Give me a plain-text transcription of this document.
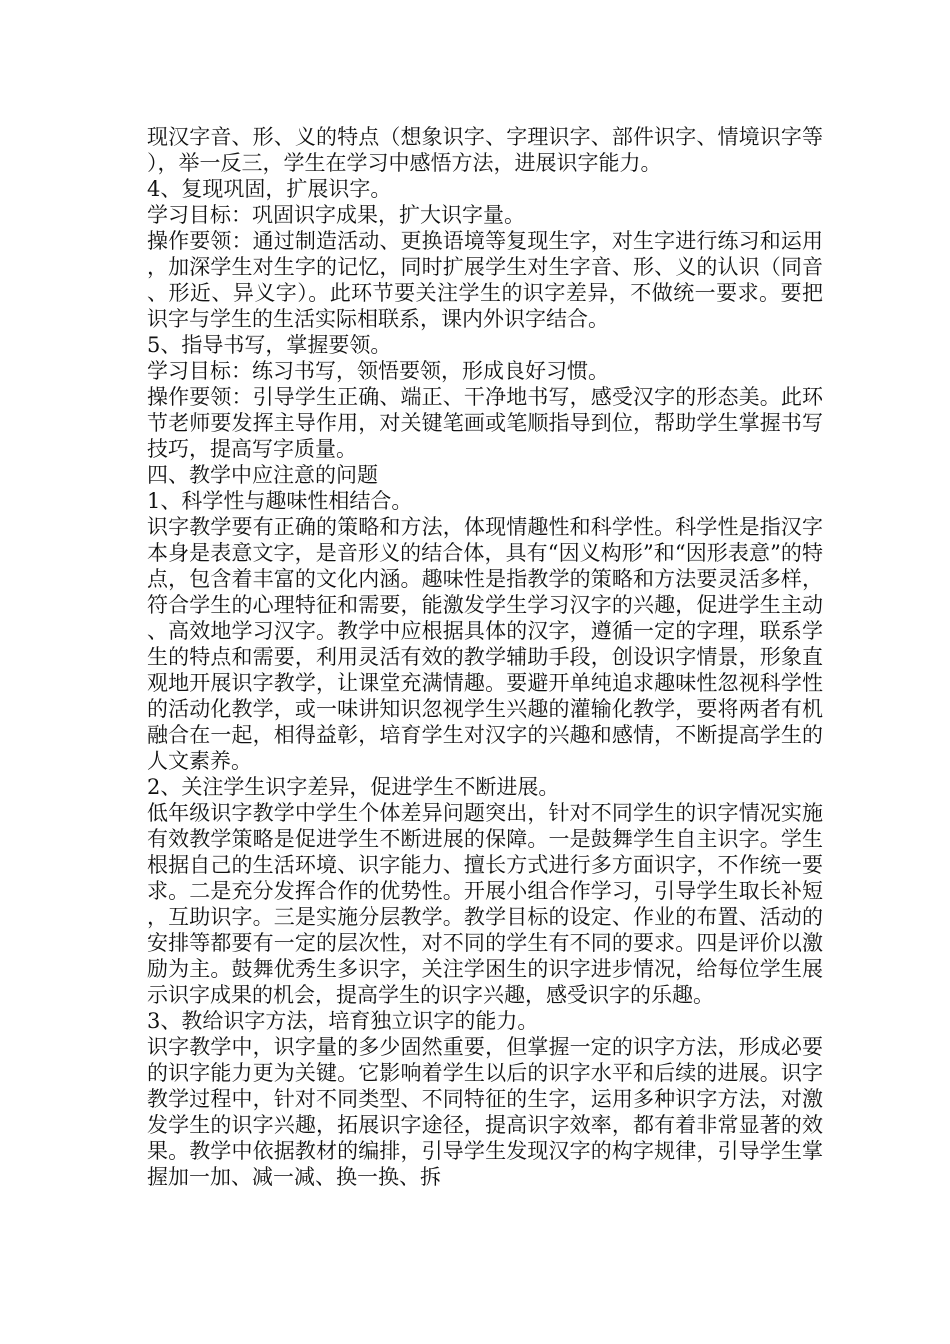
现汉字音、形、义的特点（想象识字、字理识字、部件识字、情境识字等），举一反三，学生在学习中感悟方法，进展识字能力。

4、复现巩固，扩展识字。

学习目标：巩固识字成果，扩大识字量。

操作要领：通过制造活动、更换语境等复现生字，对生字进行练习和运用，加深学生对生字的记忆，同时扩展学生对生字音、形、义的认识（同音、形近、异义字）。此环节要关注学生的识字差异，不做统一要求。要把识字与学生的生活实际相联系，课内外识字结合。

5、指导书写，掌握要领。

学习目标：练习书写，领悟要领，形成良好习惯。

操作要领：引导学生正确、端正、干净地书写，感受汉字的形态美。此环节老师要发挥主导作用，对关键笔画或笔顺指导到位，帮助学生掌握书写技巧，提高写字质量。

四、教学中应注意的问题

1、科学性与趣味性相结合。

识字教学要有正确的策略和方法，体现情趣性和科学性。科学性是指汉字本身是表意文字，是音形义的结合体，具有“因义构形”和“因形表意”的特点，包含着丰富的文化内涵。趣味性是指教学的策略和方法要灵活多样，符合学生的心理特征和需要，能激发学生学习汉字的兴趣，促进学生主动、高效地学习汉字。教学中应根据具体的汉字，遵循一定的字理，联系学生的特点和需要，利用灵活有效的教学辅助手段，创设识字情景，形象直观地开展识字教学，让课堂充满情趣。要避开单纯追求趣味性忽视科学性的活动化教学，或一味讲知识忽视学生兴趣的灌输化教学，要将两者有机融合在一起，相得益彰，培育学生对汉字的兴趣和感情，不断提高学生的人文素养。

2、关注学生识字差异，促进学生不断进展。

低年级识字教学中学生个体差异问题突出，针对不同学生的识字情况实施有效教学策略是促进学生不断进展的保障。一是鼓舞学生自主识字。学生根据自己的生活环境、识字能力、擅长方式进行多方面识字，不作统一要求。二是充分发挥合作的优势性。开展小组合作学习，引导学生取长补短，互助识字。三是实施分层教学。教学目标的设定、作业的布置、活动的安排等都要有一定的层次性，对不同的学生有不同的要求。四是评价以激励为主。鼓舞优秀生多识字，关注学困生的识字进步情况，给每位学生展示识字成果的机会，提高学生的识字兴趣，感受识字的乐趣。

3、教给识字方法，培育独立识字的能力。

识字教学中，识字量的多少固然重要，但掌握一定的识字方法，形成必要的识字能力更为关键。它影响着学生以后的识字水平和后续的进展。识字教学过程中，针对不同类型、不同特征的生字，运用多种识字方法，对激发学生的识字兴趣，拓展识字途径，提高识字效率，都有着非常显著的效果。教学中依据教材的编排，引导学生发现汉字的构字规律，引导学生掌握加一加、减一减、换一换、拆
